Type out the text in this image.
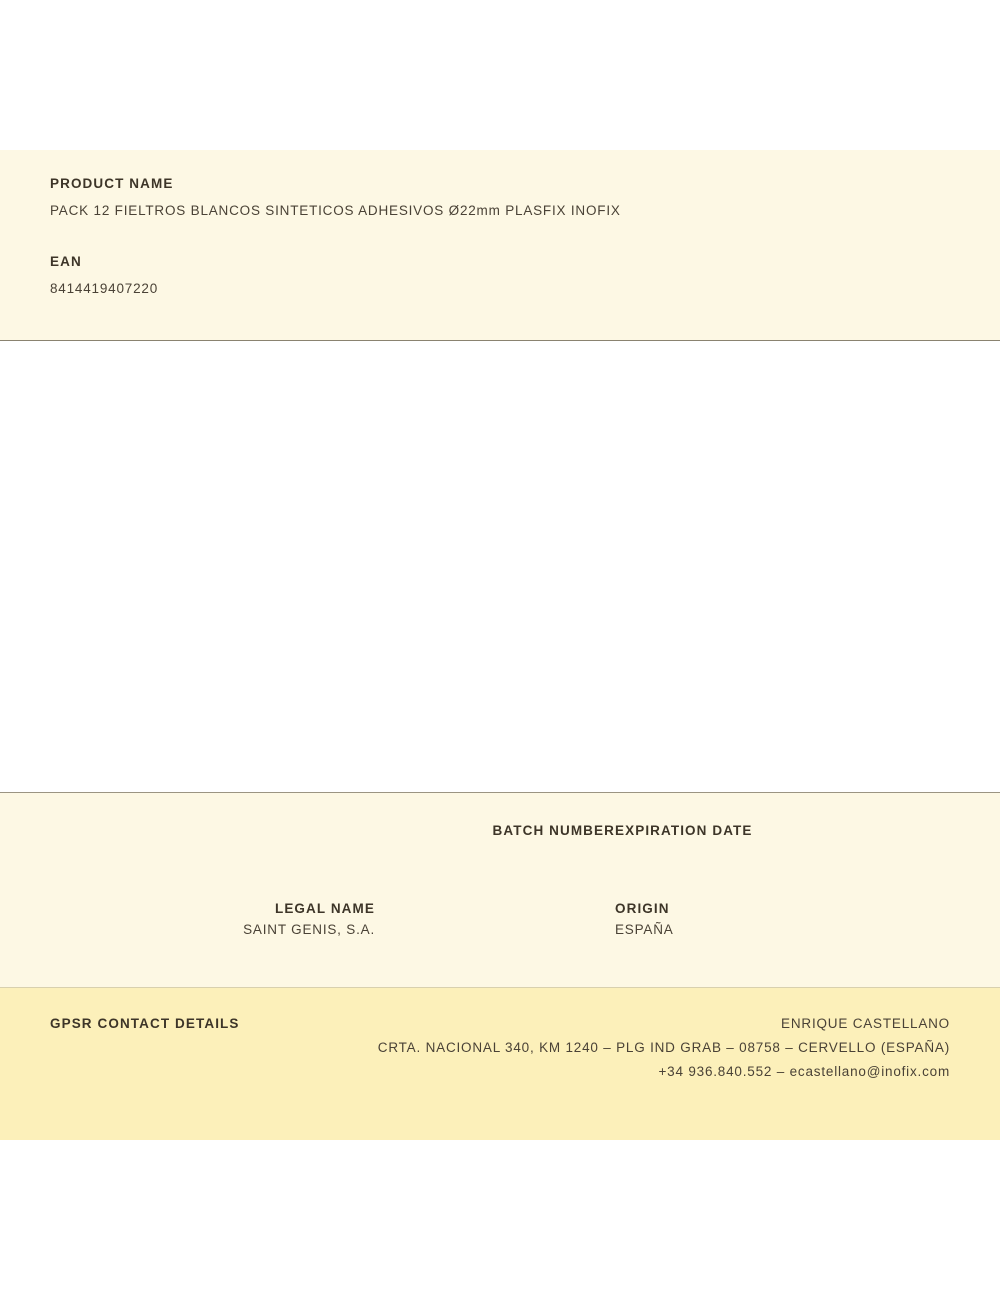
PRODUCT NAME

PACK 12 FIELTROS BLANCOS SINTETICOS ADHESIVOS Ø22mm PLASFIX INOFIX

EAN

8414419407220

BATCH NUMBER EXPIRATION DATE

LEGAL NAME

SAINT GENIS, S.A.

ORIGIN

ESPAÑA

GPSR CONTACT DETAILS	ENRIQUE CASTELLANO

CRTA. NACIONAL 340, KM 1240 – PLG IND GRAB – 08758 – CERVELLO (ESPAÑA)

+34 936.840.552 – ecastellano@inofix.com
